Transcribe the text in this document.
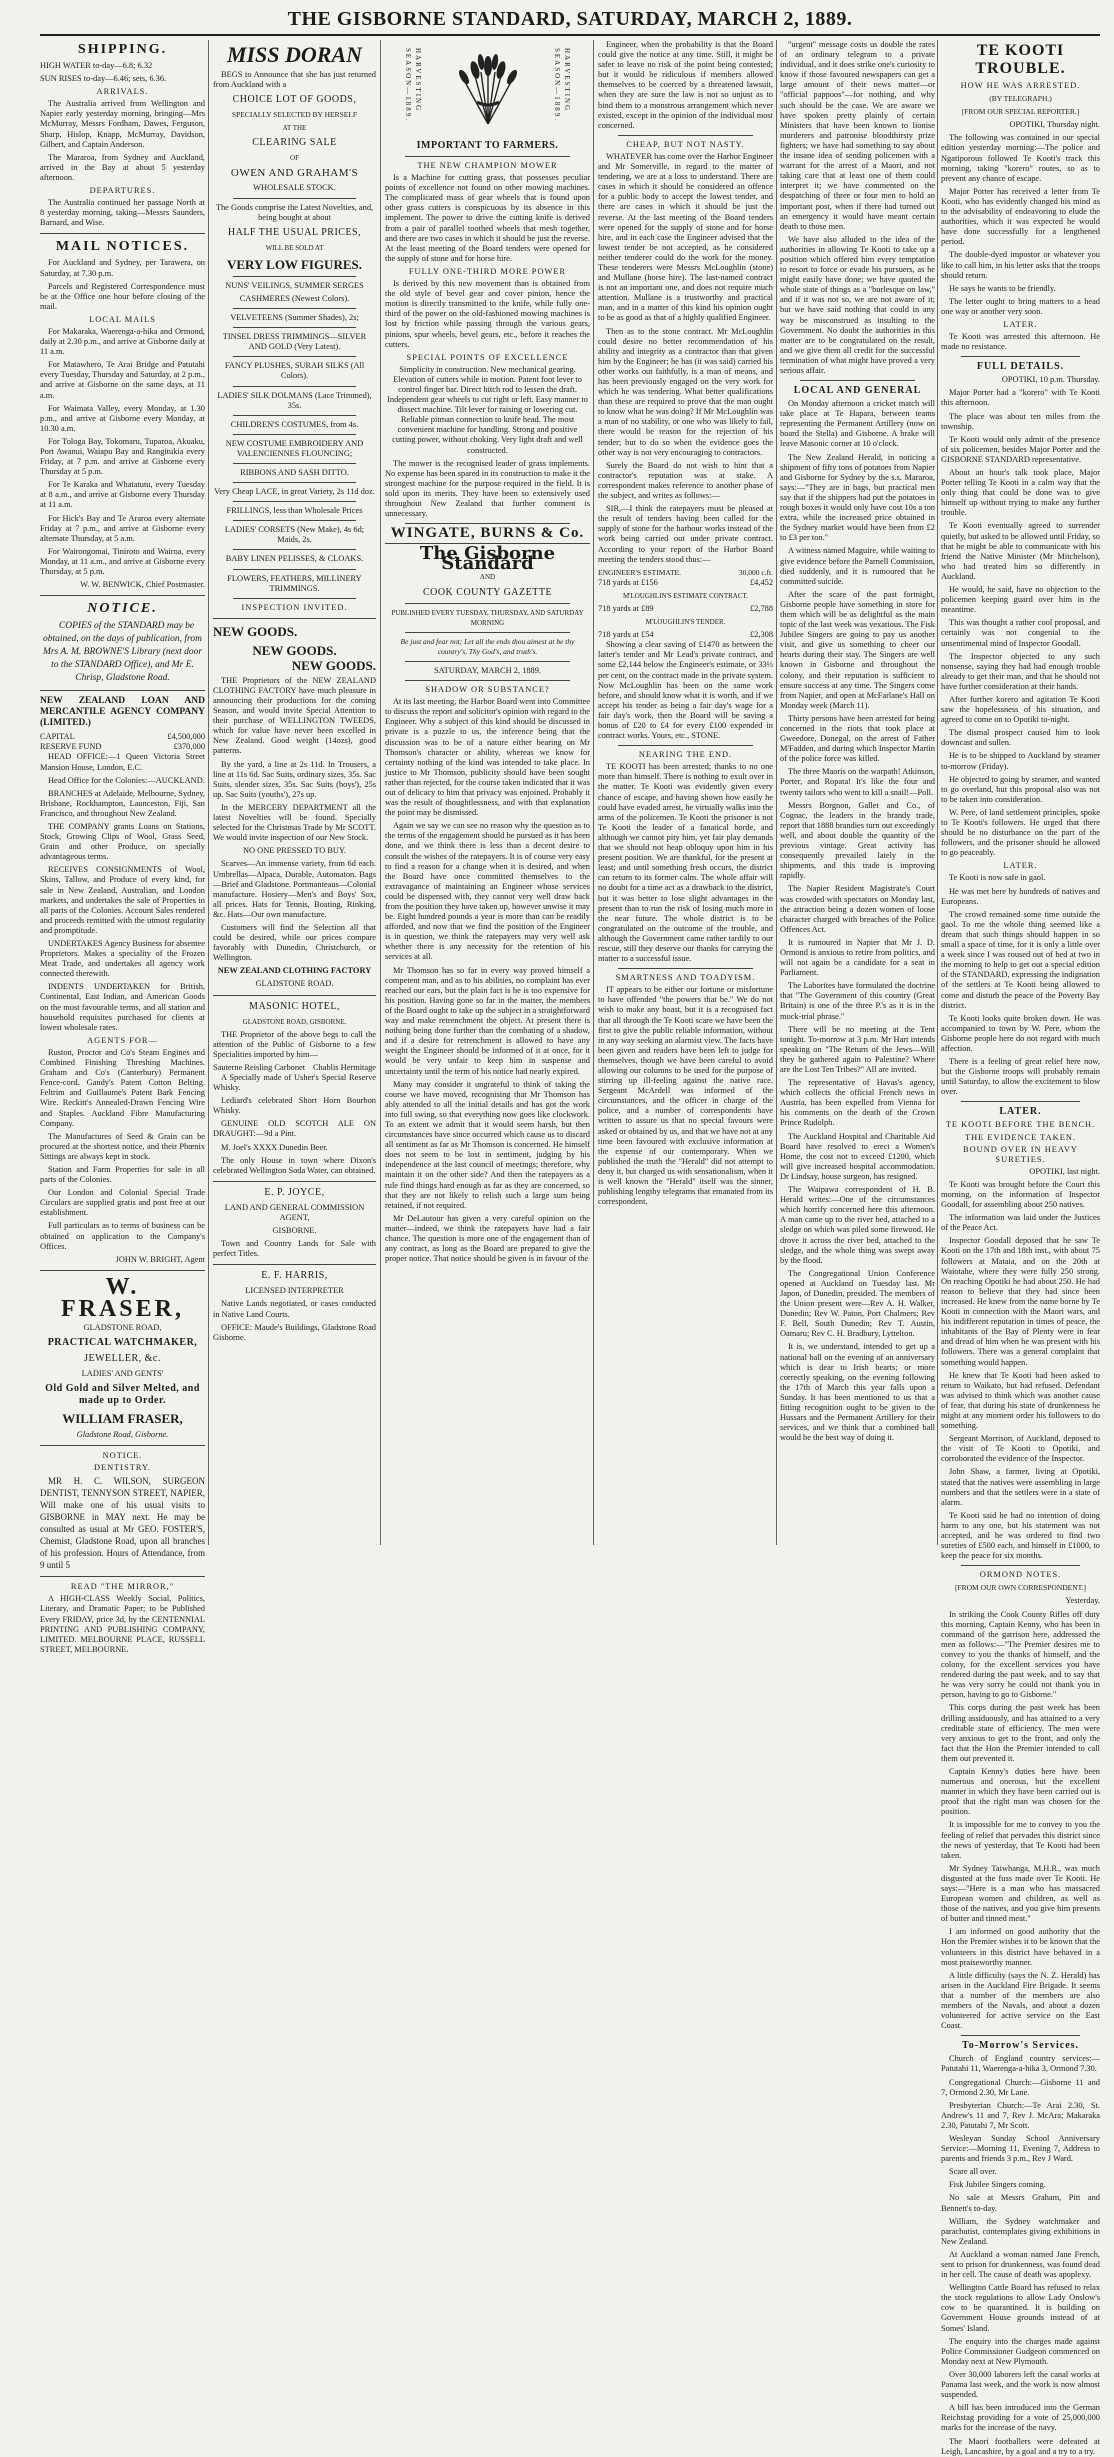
THE GISBORNE STANDARD, SATURDAY, MARCH 2, 1889.
SHIPPING.

HIGH WATER to-day—6.8; 6.32

SUN RISES to-day—6.46; sets, 6.36.

ARRIVALS.

The Australia arrived from Wellington and Napier early yesterday morning, bringing—Mrs McMurray, Messrs Fordham, Dawes, Ferguson, Sharp, Hislop, Knapp, McMurray, Davidson, Gilbert, and Captain Anderson.

The Mararoa, from Sydney and Auckland, arrived in the Bay at about 5 yesterday afternoon.

DEPARTURES.

The Australia continued her passage North at 8 yesterday morning, taking—Messrs Saunders, Barnard, and Wise.

MAIL NOTICES.

For Auckland and Sydney, per Tarawera, on Saturday, at 7.30 p.m.

Parcels and Registered Correspondence must be at the Office one hour before closing of the mail.

LOCAL MAILS

For Makaraka, Waerenga-a-hika and Ormond, daily at 2.30 p.m., and arrive at Gisborne daily at 11 a.m.

For Matawhero, Te Arai Bridge and Patutahi every Tuesday, Thursday and Saturday, at 2 p.m., and arrive at Gisborne on the same days, at 11 a.m.

For Waimata Valley, every Monday, at 1.30 p.m., and arrive at Gisborne every Monday, at 10.30 a.m.

For Tologa Bay, Tokomaru, Tuparoa, Akuaku, Port Awanui, Waiapu Bay and Rangitukia every Friday, at 7 p.m. and arrive at Gisborne every Thursday at 5 p.m.

For Te Karaka and Whatatutu, every Tuesday at 8 a.m., and arrive at Gisborne every Thursday at 11 a.m.

For Hick's Bay and Te Araroa every alternate Friday at 7 p.m., and arrive at Gisborne every alternate Thursday, at 5 a.m.

For Wairongomai, Tiniroto and Wairoa, every Monday, at 11 a.m., and arrive at Gisborne every Thursday, at 5 p.m.

W. W. BENWICK, Chief Postmaster.

NOTICE.

COPIES of the STANDARD may be obtained, on the days of publication, from Mrs A. M. BROWNE'S Library (next door to the STANDARD Office), and Mr E. Chrisp, Gladstone Road.

NEW ZEALAND LOAN AND MERCANTILE AGENCY COMPANY (LIMITED.)

CAPITAL	£4,500,000
RESERVE FUND	£370,000

HEAD OFFICE:—1 Queen Victoria Street Mansion House, London, E.C.

Head Office for the Colonies:—AUCKLAND.

BRANCHES at Adelaide, Melbourne, Sydney, Brisbane, Rockhampton, Launceston, Fiji, San Francisco, and throughout New Zealand.

THE COMPANY grants Loans on Stations, Stock, Growing Clips of Wool, Grass Seed, Grain and other Produce, on specially advantageous terms.

RECEIVES CONSIGNMENTS of Wool, Skins, Tallow, and Produce of every kind, for sale in New Zealand, Australian, and London markets, and undertakes the sale of Properties in all parts of the Colonies. Account Sales rendered and proceeds remitted with the utmost regularity and promptitude.

UNDERTAKES Agency Business for absentee Proprietors. Makes a speciality of the Frozen Meat Trade, and undertakes all agency work connected therewith.

INDENTS UNDERTAKEN for British, Continental, East Indian, and American Goods on the most favourable terms, and all station and household requisites purchased for clients at lowest wholesale rates.

AGENTS FOR—

Ruston, Proctor and Co's Steam Engines and Combined Finishing Threshing Machines. Graham and Co's (Canterbury) Permanent Fence-cord. Gandy's Patent Cotton Belting. Feltrim and Guillaume's Patent Bark Fencing Wire. Reckitt's Annealed-Drawn Fencing Wire and Staples. Auckland Fibre Manufacturing Company.

The Manufactures of Seed & Grain can be procured at the shortest notice, and their Phœnix Sittings are always kept in stock.

Station and Farm Properties for sale in all parts of the Colonies.

Our London and Colonial Special Trade Circulars are supplied gratis and post free at our establishment.

Full particulars as to terms of business can be obtained on application to the Company's Offices.

JOHN W. BRIGHT, Agent

W. FRASER,
GLADSTONE ROAD,
PRACTICAL WATCHMAKER,
JEWELLER, &c.
LADIES' AND GENTS'
Old Gold and Silver Melted, and made up to Order.
WILLIAM FRASER,
Gladstone Road, Gisborne.
NOTICE.
DENTISTRY.

MR H. C. WILSON, SURGEON DENTIST, TENNYSON STREET, NAPIER, Will make one of his usual visits to GISBORNE in MAY next. He may be consulted as usual at Mr GEO. FOSTER'S, Chemist, Gladstone Road, upon all branches of his profession. Hours of Attendance, from 9 until 5

READ "THE MIRROR,"

A HIGH-CLASS Weekly Social, Politics, Literary, and Dramatic Paper; to be Published Every FRIDAY, price 3d, by the CENTENNIAL PRINTING AND PUBLISHING COMPANY, LIMITED. MELBOURNE PLACE, RUSSELL STREET, MELBOURNE.

MISS DORAN

BEGS to Announce that she has just returned from Auckland with a

CHOICE LOT OF GOODS,
SPECIALLY SELECTED BY HERSELF
AT THE
CLEARING SALE
OF
OWEN AND GRAHAM'S
WHOLESALE STOCK.

The Goods comprise the Latest Novelties, and, being bought at about

HALF THE USUAL PRICES,
WILL BE SOLD AT
VERY LOW FIGURES.
NUNS' VEILINGS, SUMMER SERGES
CASHMERES (Newest Colors).
VELVETEENS (Summer Shades), 2s;
TINSEL DRESS TRIMMINGS—SILVER AND GOLD (Very Latest).
FANCY PLUSHES, SURAH SILKS (All Colors).
LADIES' SILK DOLMANS (Lace Trimmed), 35s.
CHILDREN'S COSTUMES, from 4s.
NEW COSTUME EMBROIDERY AND VALENCIENNES FLOUNCING;
RIBBONS AND SASH DITTO.
Very Cheap LACE, in great Variety, 2s 11d doz.
FRILLINGS, less than Wholesale Prices
LADIES' CORSETS (New Make), 4s 6d; Maids, 2s.
BABY LINEN PELISSES, & CLOAKS.
FLOWERS, FEATHERS, MILLINERY TRIMMINGS.
INSPECTION INVITED.
NEW GOODS.
NEW GOODS.
NEW GOODS.

THE Proprietors of the NEW ZEALAND CLOTHING FACTORY have much pleasure in announcing their productions for the coming Season, and would invite Special Attention to their purchase of WELLINGTON TWEEDS, which for value have never been excelled in New Zealand. Good weight (14ozs), good patterns.

By the yard, a line at 2s 11d. In Trousers, a line at 11s 6d. Sac Suits, ordinary sizes, 35s. Sac Suits, slender sizes, 35s. Sac Suits (boys'), 25s up. Sac Suits (youths'), 27s up.

In the MERCERY DEPARTMENT all the latest Novelties will be found. Specially selected for the Christmas Trade by Mr SCOTT. We would invite inspection of our New Stock.

NO ONE PRESSED TO BUY.

Scarves—An immense variety, from 6d each. Umbrellas—Alpaca, Durable, Automaton. Bags—Brief and Gladstone. Portmanteaus—Colonial manufacture. Hosiery—Men's and Boys' Sox, all prices. Hats for Tennis, Boating, Rinking, &c. Hats—Our own manufacture.

Customers will find the Selection all that could be desired, while our prices compare favorably with Dunedin, Christchurch, or Wellington.

NEW ZEALAND CLOTHING FACTORY
GLADSTONE ROAD.
MASONIC HOTEL,
GLADSTONE ROAD, GISBORNE.

THE Proprietor of the above begs to call the attention of the Public of Gisborne to a few Specialities imported by him—

Sauterne Reisling Carbonet Chablis Hermitage

A Specially made of Usher's Special Reserve Whisky.

Lediard's celebrated Short Horn Bourbon Whisky.

GENUINE OLD SCOTCH ALE ON DRAUGHT:—9d a Pint.

M. Joel's XXXX Dunedin Beer.

The only House in town where Dixon's celebrated Wellington Soda Water, can obtained.

E. P. JOYCE,
LAND AND GENERAL COMMISSION AGENT,
GISBORNE.

Town and Country Lands for Sale with perfect Titles.

E. F. HARRIS,
LICENSED INTERPRETER

Native Lands negotiated, or cases conducted in Native Land Courts.

OFFICE: Maude's Buildings, Gladstone Road Gisborne.

HARVESTING SEASON—1889.	HARVESTING SEASON—1889.
IMPORTANT TO FARMERS.
THE NEW CHAMPION MOWER

Is a Machine for cutting grass, that possesses peculiar points of excellence not found on other mowing machines. The complicated mass of gear wheels that is found upon other grass cutters is conspicuous by its absence in this implement. The power to drive the cutting knife is derived from a pair of parallel toothed wheels that mesh together, and there are two cases in which it should be just the reverse. At the least meeting of the Board tenders were opened for the supply of stone and for horse hire.

FULLY ONE-THIRD MORE POWER

Is derived by this new movement than is obtained from the old style of bevel gear and cover pinion, hence the motion is directly transmitted to the knife, while fully one-third of the power on the old-fashioned mowing machines is lost by friction while passing through the various gears, pinions, spur wheels, bevel gears, etc., before it reaches the cutters.

SPECIAL POINTS OF EXCELLENCE

Simplicity in construction. New mechanical gearing. Elevation of cutters while in motion. Patent foot lever to control finger bar. Direct hitch rod to lessen the draft. Independent gear wheels to cut right or left. Easy manner to dissect machine. Tilt lever for raising or lowering cut. Reliable pitman connection to knife head. The most convenient machine for handling. Strong and positive cutting power, without choking. Very light draft and well constructed.

The mower is the recognised leader of grass implements. No expense has been spared in its construction to make it the strongest machine for the purpose required in the field. It is sold upon its merits. They have been so extensively used throughout New Zealand that further comment is unnecessary.

WINGATE, BURNS & Co.
The Gisborne Standard
AND
COOK COUNTY GAZETTE
PUBLISHED EVERY TUESDAY, THURSDAY, AND SATURDAY MORNING
Be just and fear not; Let all the ends thou aimest at be thy country's, Thy God's, and truth's.
SATURDAY, MARCH 2, 1889.
SHADOW OR SUBSTANCE?

At its last meeting, the Harbor Board went into Committee to discuss the report and solicitor's opinion with regard to the Engineer. Why a subject of this kind should be discussed in private is a puzzle to us, the inference being that the discussion was to be of a nature either bearing on Mr Thomson's character or ability, whereas we know for certainty nothing of the kind was intended to take place. In justice to Mr Thomson, publicity should have been sought rather than rejected, for the course taken indicated that it was out of delicacy to him that privacy was enjoined. Probably it was the result of thoughtlessness, and with that explanation the point may be dismissed.

Again we say we can see no reason why the question as to the terms of the engagement should be pursued as it has been done, and we think there is less than a decent desire to consult the wishes of the ratepayers. It is of course very easy to find a reason for a change when it is desired, and when the Board have once committed themselves to the extravagance of maintaining an Engineer whose services could be dispensed with, they cannot very well draw back from the position they have taken up, however unwise it may be. Eight hundred pounds a year is more than can be readily afforded, and now that we find the position of the Engineer is in question, we think the ratepayers may very well ask whether there is any necessity for the retention of his services at all.

Mr Thomson has so far in every way proved himself a competent man, and as to his abilities, no complaint has ever reached our ears, but the plain fact is he is too expensive for his position. Having gone so far in the matter, the members of the Board ought to take up the subject in a straightforward way and make retrenchment the object. At present there is nothing being done further than the combating of a shadow, and if a desire for retrenchment is allowed to have any weight the Engineer should be informed of it at once, for it would be very unfair to keep him in suspense and uncertainty until the term of his notice had nearly expired.

Many may consider it ungrateful to think of taking the course we have moved, recognising that Mr Thomson has ably attended to all the initial details and has got the work into full swing, so that everything now goes like clockwork. To an extent we admit that it would seem harsh, but then circumstances have since occurred which cause us to discard all sentiment as far as Mr Thomson is concerned. He himself does not seem to be lost in sentiment, judging by his independence at the last council of meetings; therefore, why maintain it on the other side? And then the ratepayers as a rule find things hard enough as far as they are concerned, so that they are not likely to relish such a large sum being retained, if not required.

Mr DeLautour has given a very careful opinion on the matter—indeed, we think the ratepayers have had a fair chance. The question is more one of the engagement than of any contract, as long as the Board are prepared to give the proper notice. That notice should be given is in favour of the

Engineer, when the probability is that the Board could give the notice at any time. Still, it might be safer to leave no risk of the point being contested; but it would be ridiculous if members allowed themselves to be coerced by a threatened lawsuit, when they are sure the law is not so unjust as to bind them to a monstrous arrangement which never existed, except in the opinion of the individual most concerned.

CHEAP, BUT NOT NASTY.

WHATEVER has come over the Harbor Engineer and Mr Somerville, in regard to the matter of tendering, we are at a loss to understand. There are cases in which it should be considered an offence for a public body to accept the lowest tender, and there are cases in which it should be just the reverse. At the last meeting of the Board tenders were opened for the supply of stone and for horse hire, and in each case the Engineer advised that the lowest tender be not accepted, as he considered neither tenderer could do the work for the money. These tenderers were Messrs McLoughlin (stone) and Mullane (horse hire). The last-named contract is not an important one, and does not require much attention. Mullane is a trustworthy and practical man, and in a matter of this kind his opinion ought to be as good as that of a highly qualified Engineer.

Then as to the stone contract. Mr McLoughlin could desire no better recommendation of his ability and integrity as a contractor than that given him by the Engineer; he has (it was said) carried his other works out faithfully, is a man of means, and has been previously engaged on the very work for which he was tendering. What better qualifications than these are required to prove that the man ought to know what he was doing? If Mr McLoughlin was a man of no stability, or one who was likely to fail, there would be reason for the rejection of his tender; but to do so when the evidence goes the other way is not very encouraging to contractors.

Surely the Board do not wish to hint that a contractor's reputation was at stake. A correspondent makes reference to another phase of the subject, and writes as follows:—

SIR,—I think the ratepayers must be pleased at the result of tenders having been called for the supply of stone for the harbour works instead of the work being carried out under private contract. According to your report of the Harbor Board meeting the tenders stood thus:—

ENGINEER'S ESTIMATE.	30,000 c.ft.
718 yards at £156	£4,452
M'LOUGHLIN'S ESTIMATE CONTRACT.
718 yards at £89	£2,788
M'LOUGHLIN'S TENDER.
718 yards at £54	£2,308

Showing a clear saving of £1470 as between the latter's tender and Mr Lead's private contract, and some £2,144 below the Engineer's estimate, or 33⅓ per cent, on the contract made in the private system. Now McLoughlin has been on the same work before, and should know what it is worth, and if we accept his tender as being a fair day's wage for a fair day's work, then the Board will be saving a bonus of £20 to £4 for every £100 expended in contract works. Yours, etc., STONE.

NEARING THE END.

TE KOOTI has been arrested; thanks to no one more than himself. There is nothing to exult over in the matter. Te Kooti was evidently given every chance of escape, and having shown how easily he could have evaded arrest, he virtually walks into the arms of the policemen. Te Kooti the prisoner is not Te Kooti the leader of a fanatical horde, and although we cannot pity him, yet fair play demands that we should not heap obloquy upon him in his present position. We are thankful, for the present at least; and until something fresh occurs, the district can return to its former calm. The whole affair will no doubt for a time act as a drawback to the district, but it was better to lose slight advantages in the present than to run the risk of losing much more in the near future. The whole district is to be congratulated on the outcome of the trouble, and although the Government came rather tardily to our rescue, still they deserve our thanks for carrying the matter to a successful issue.

SMARTNESS AND TOADYISM.

IT appears to be either our fortune or misfortune to have offended "the powers that be." We do not wish to make any boast, but it is a recognised fact that all through the Te Kooti scare we have been the first to give the public reliable information, without in any way seeking an alarmist view. The facts have been given and readers have been left to judge for themselves, though we have been careful to avoid allowing our columns to be used for the purpose of stirring up ill-feeling against the native race. Sergeant McArdell was informed of the circumstances, and the officer in charge of the police, and a number of correspondents have written to assure us that no special favours were asked or obtained by us, and that we have not at any time been favoured with exclusive information at the expense of our contemporary. When we published the truth the "Herald" did not attempt to deny it, but charged us with sensationalism, when it is well known the "Herald" itself was the sinner, publishing lengthy telegrams that emanated from its correspondent.

"urgent" message costs us double the rates of an ordinary telegram to a private individual, and it does strike one's curiosity to know if those favoured newspapers can get a large amount of their news matter—or "official pappoos"—for nothing, and why such should be the case. We are aware we have spoken pretty plainly of certain Ministers that have been known to lionise murderers and patronise bloodthirsty prize fighters; we have had something to say about the insane idea of sending policemen with a warrant for the arrest of a Maori, and not taking care that at least one of them could interpret it; we have commented on the despatching of three or four men to hold an important post, when if there had turned out an emergency it would have meant certain death to those men.

We have also alluded to the idea of the authorities in allowing Te Kooti to take up a position which offered him every temptation to resort to force or evade his pursuers, as he might easily have done; we have quoted the whole state of things as a "burlesque on law," and if it was not so, we are not aware of it; but we have said nothing that could in any way be misconstrued as insulting to the Government. No doubt the authorities in this matter are to be congratulated on the result, and we give them all credit for the successful termination of what might have proved a very serious affair.

LOCAL AND GENERAL

On Monday afternoon a cricket match will take place at Te Hapara, between teams representing the Permanent Artillery (now on board the Stella) and Gisborne. A brake will leave Masonic corner at 10 o'clock.

The New Zealand Herald, in noticing a shipment of fifty tons of potatoes from Napier and Gisborne for Sydney by the s.s. Mararoa, says:—"They are in bags, but practical men say that if the shippers had put the potatoes in rough boxes it would only have cost 10s a ton extra, while the increased price obtained in the Sydney market would have been from £2 to £3 per ton."

A witness named Maguire, while waiting to give evidence before the Parnell Commission, died suddenly, and it is rumoured that he committed suicide.

After the scare of the past fortnight, Gisborne people have something in store for them which will be as delightful as the main topic of the last week was vexatious. The Fisk Jubilee Singers are going to pay us another visit, and give us something to cheer our hearts during their stay. The Singers are well known in Gisborne and throughout the colony, and their reputation is sufficient to ensure success at any time. The Singers come from Napier, and open at McFarlane's Hall on Monday week (March 11).

Thirty persons have been arrested for being concerned in the riots that took place at Gweedore, Donegal, on the arrest of Father M'Fadden, and during which Inspector Martin of the police force was killed.

The three Maoris on the warpath! Atkinson, Porter, and Ropata! It's like the four and twenty tailors who went to kill a snail!—Poll.

Messrs Borgnon, Gallet and Co., of Cognac, the leaders in the brandy trade, report that 1888 brandies turn out exceedingly well, and about double the quantity of the previous vintage. Great activity has consequently prevailed lately in the shipments, and this trade is improving rapidly.

The Napier Resident Magistrate's Court was crowded with spectators on Monday last, the attraction being a dozen women of loose character charged with breaches of the Police Offences Act.

It is rumoured in Napier that Mr J. D. Ormond is anxious to retire from politics, and will not again be a candidate for a seat in Parliament.

The Laborites have formulated the doctrine that "The Government of this country (Great Britain) is one of the three P.'s as it is in the mock-trial phrase."

There will be no meeting at the Tent tonight. To-morrow at 3 p.m. Mr Hart intends speaking on "The Return of the Jews—Will they be gathered again to Palestine? Where are the Lost Ten Tribes?" All are invited.

The representative of Havas's agency, which collects the official French news in Austria, has been expelled from Vienna for his comments on the death of the Crown Prince Rudolph.

The Auckland Hospital and Charitable Aid Board have resolved to erect a Women's Home, the cost not to exceed £1200, which will give increased hospital accommodation. Dr Lindsay, house surgeon, has resigned.

The Waipawa correspondent of H. B. Herald writes:—One of the circumstances which horrify concerned here this afternoon. A man came up to the river bed, attached to a sledge on which was piled some firewood. He drove it across the river bed, attached to the sledge, and the whole thing was swept away by the flood.

The Congregational Union Conference opened at Auckland on Tuesday last. Mr Japon, of Dunedin, presided. The members of the Union present were—Rev A. H. Walker, Dunedin; Rev W. Paton, Port Chalmers; Rev F. Bell, South Dunedin; Rev T. Austin, Oamaru; Rev C. H. Bradbury, Lyttelton.

It is, we understand, intended to get up a national ball on the evening of an anniversary which is dear to Irish hearts; or more correctly speaking, on the evening following the 17th of March this year falls upon a Sunday. It has been mentioned to us that a fitting recognition ought to be given to the Hussars and the Permanent Artillery for their services, and we think that a combined ball would be the best way of doing it.

TE KOOTI TROUBLE.
HOW HE WAS ARRESTED.
(BY TELEGRAPH.)
[FROM OUR SPECIAL REPORTER.]

OPOTIKI, Thursday night.

The following was contained in our special edition yesterday morning:—The police and Ngatiporous followed Te Kooti's track this morning, taking "korero" routes, so as to prevent any chance of escape.

Major Porter has received a letter from Te Kooti, who has evidently changed his mind as to the advisability of endeavoring to elude the authorities, which it was expected he would have done successfully for a lengthened period.

The double-dyed impostor or whatever you like to call him, in his letter asks that the troops should return.

He says he wants to be friendly.

The letter ought to bring matters to a head one way or another very soon.

LATER.

Te Kooti was arrested this afternoon. He made no resistance.

FULL DETAILS.

OPOTIKI, 10 p.m. Thursday.

Major Porter had a "korero" with Te Kooti this afternoon.

The place was about ten miles from the township.

Te Kooti would only admit of the presence of six policemen, besides Major Porter and the GISBORNE STANDARD representative.

About an hour's talk took place, Major Porter telling Te Kooti in a calm way that the only thing that could be done was to give himself up without trying to make any further trouble.

Te Kooti eventually agreed to surrender quietly, but asked to be allowed until Friday, so that he might be able to communicate with his friend the Native Minister (Mr Mitchelson), who had treated him so differently in Auckland.

He would, he said, have no objection to the policemen keeping guard over him in the meantime.

This was thought a rather cool proposal, and certainly was not congenial to the unsentimental mind of Inspector Goodall.

The Inspector objected to any such nonsense, saying they had had enough trouble already to get their man, and that he should not have further consideration at their hands.

After further korero and agitation Te Kooti saw the hopelessness of his situation, and agreed to come on to Opotiki to-night.

The dismal prospect caused him to look downcast and sullen.

He is to be shipped to Auckland by steamer to-morrow (Friday).

He objected to going by steamer, and wanted to go overland, but this proposal also was not to be taken into consideration.

W. Pere, of land settlement principles, spoke to Te Kooti's followers. He urged that there should be no disturbance on the part of the followers, and the prisoner should be allowed to go peaceably.

LATER.

Te Kooti is now safe in gaol.

He was met here by hundreds of natives and Europeans.

The crowd remained some time outside the gaol. To me the whole thing seemed like a dream that such things should happen in so small a space of time, for it is only a little over a week since I was roused out of bed at two in the morning to help to get out a special edition of the STANDARD, expressing the indignation of the settlers at Te Kooti being allowed to come and disturb the peace of the Poverty Bay district.

Te Kooti looks quite broken down. He was accompanied to town by W. Pere, whom the Gisborne people here do not regard with much affection.

There is a feeling of great relief here now, but the Gisborne troops will probably remain until Saturday, to allow the excitement to blow over.

LATER.
TE KOOTI BEFORE THE BENCH.
THE EVIDENCE TAKEN.
BOUND OVER IN HEAVY SURETIES.

OPOTIKI, last night.

Te Kooti was brought before the Court this morning, on the information of Inspector Goodall, for assembling about 250 natives.

The information was laid under the Justices of the Peace Act.

Inspector Goodall deposed that he saw Te Kooti on the 17th and 18th inst., with about 75 followers at Mataia, and on the 20th at Waiotahe, where they were fully 250 strong. On reaching Opotiki he had about 250. He had reason to believe that they had since been increased. He knew from the name borne by Te Kooti in connection with the Maori wars, and his indifferent reputation in times of peace, the inhabitants of the Bay of Plenty were in fear and dread of him when he was present with his followers. There was a general complaint that something would happen.

He knew that Te Kooti had been asked to return to Waikato, but had refused. Defendant was advised to think which was another cause of fear, that during his state of drunkenness he might at any moment order his followers to do something.

Sergeant Morrison, of Auckland, deposed to the visit of Te Kooti to Opotiki, and corroborated the evidence of the Inspector.

John Shaw, a farmer, living at Opotiki, stated that the natives were assembling in large numbers and that the settlers were in a state of alarm.

Te Kooti said he had no intention of doing harm to any one, but his statement was not accepted, and he was ordered to find two sureties of £500 each, and himself in £1000, to keep the peace for six months.

ORMOND NOTES.
[FROM OUR OWN CORRESPONDENT.]

Yesterday.

In striking the Cook County Rifles off duty this morning, Captain Kenny, who has been in command of the garrison here, addressed the men as follows:—"The Premier desires me to convey to you the thanks of himself, and the colony, for the excellent services you have rendered during the past week, and to say that he was very sorry he could not thank you in person, having to go to Gisborne."

This corps during the past week has been drilling assiduously, and has attained to a very creditable state of efficiency. The men were very anxious to get to the front, and only the fact that the Hon the Premier intended to call them out prevented it.

Captain Kenny's duties here have been numerous and onerous, but the excellent manner in which they have been carried out is proof that the right man was chosen for the position.

It is impossible for me to convey to you the feeling of relief that pervades this district since the news of yesterday, that Te Kooti had been taken.

Mr Sydney Taiwhanga, M.H.R., was much disgusted at the fuss made over Te Kooti. He says:—"Here is a man who has massacred European women and children, as well as those of the natives, and you give him presents of butter and tinned meat."

I am informed on good authority that the Hon the Premier wishes it to be known that the volunteers in this district have behaved in a most praiseworthy manner.

A little difficulty (says the N. Z. Herald) has arisen in the Auckland Fire Brigade. It seems that a number of the members are also members of the Navals, and about a dozen volunteered for active service on the East Coast.

To-Morrow's Services.

Church of England country services:—Patutahi 11, Waerenga-a-hika 3, Ormond 7.30.

Congregational Church:—Gisborne 11 and 7, Ormond 2.30, Mr Lane.

Presbyterian Church:—Te Arai 2.30, St. Andrew's 11 and 7, Rev J. McAra; Makaraka 2.30, Patutahi 7, Mr Scott.

Wesleyan Sunday School Anniversary Service:—Morning 11, Evening 7, Address to parents and friends 3 p.m., Rev J Ward.

Scare all over.

Fisk Jubilee Singers coming.

No sale at Messrs Graham, Pitt and Bennett's to-day.

William, the Sydney watchmaker and parachutist, contemplates giving exhibitions in New Zealand.

At Auckland a woman named Jane French, sent to prison for drunkenness, was found dead in her cell. The cause of death was apoplexy.

Wellington Cattle Board has refused to relax the stock regulations to allow Lady Onslow's cow to be quarantined. It is building on Government House grounds instead of at Somes' Island.

The enquiry into the charges made against Police Commissioner Gudgeon commenced on Monday next at New Plymouth.

Over 30,000 laborers left the canal works at Panama last week, and the work is now almost suspended.

A bill has been introduced into the German Reichstag providing for a vote of 25,000,000 marks for the increase of the navy.

The Maori footballers were defeated at Leigh, Lancashire, by a goal and a try to a try.
